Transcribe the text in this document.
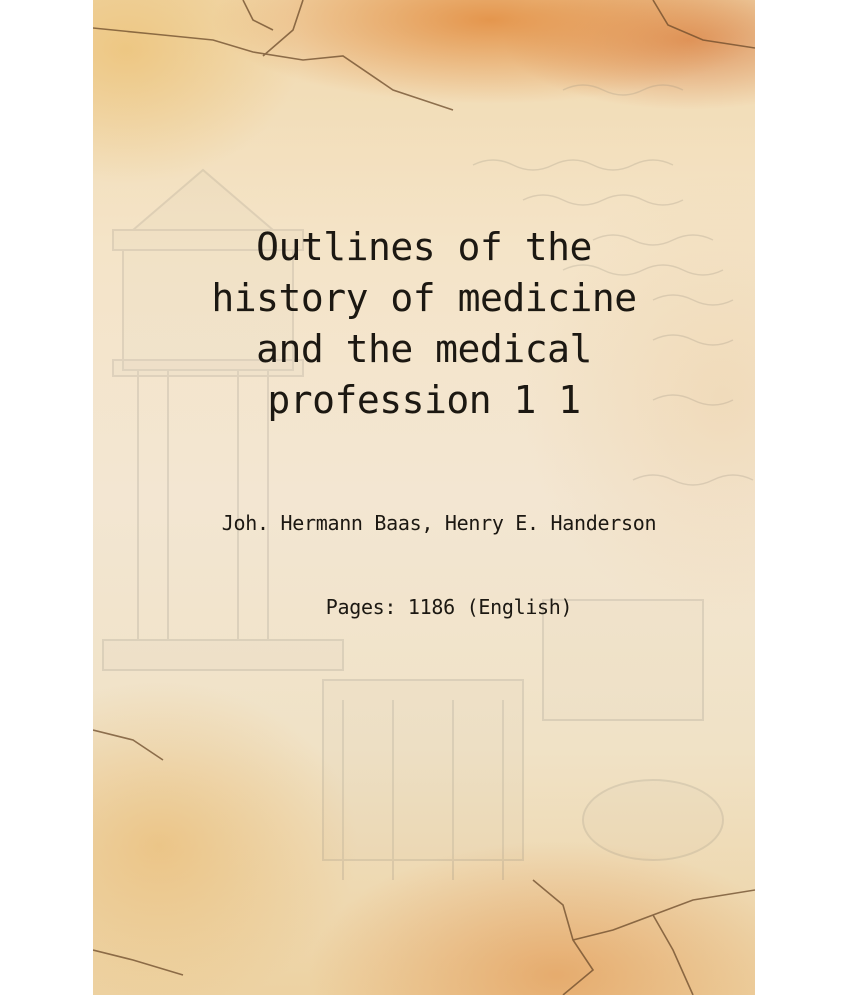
Outlines of the
history of medicine
and the medical
profession 1 1
Joh. Hermann Baas, Henry E. Handerson
Pages: 1186 (English)
